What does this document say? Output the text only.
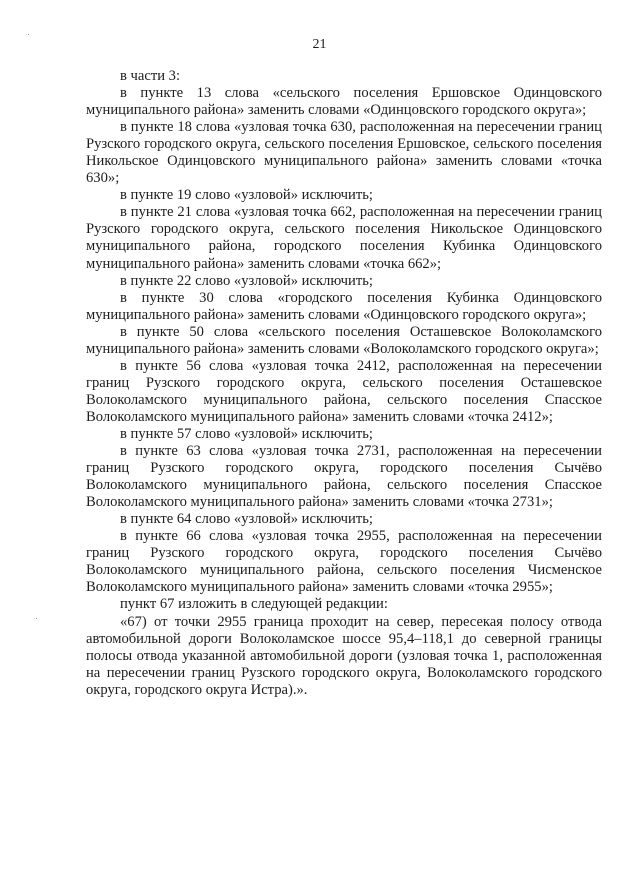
21

в части 3:

в пункте 13 слова «сельского поселения Ершовское Одинцовского муниципального района» заменить словами «Одинцовского городского округа»;

в пункте 18 слова «узловая точка 630, расположенная на пересечении границ Рузского городского округа, сельского поселения Ершовское, сельского поселения Никольское Одинцовского муниципального района» заменить словами «точка 630»;

в пункте 19 слово «узловой» исключить;

в пункте 21 слова «узловая точка 662, расположенная на пересечении границ Рузского городского округа, сельского поселения Никольское Одинцовского муниципального района, городского поселения Кубинка Одинцовского муниципального района» заменить словами «точка 662»;

в пункте 22 слово «узловой» исключить;

в пункте 30 слова «городского поселения Кубинка Одинцовского муниципального района» заменить словами «Одинцовского городского округа»;

в пункте 50 слова «сельского поселения Осташевское Волоколамского муниципального района» заменить словами «Волоколамского городского округа»;

в пункте 56 слова «узловая точка 2412, расположенная на пересечении границ Рузского городского округа, сельского поселения Осташевское Волоколамского муниципального района, сельского поселения Спасское Волоколамского муниципального района» заменить словами «точка 2412»;

в пункте 57 слово «узловой» исключить;

в пункте 63 слова «узловая точка 2731, расположенная на пересечении границ Рузского городского округа, городского поселения Сычёво Волоколамского муниципального района, сельского поселения Спасское Волоколамского муниципального района» заменить словами «точка 2731»;

в пункте 64 слово «узловой» исключить;

в пункте 66 слова «узловая точка 2955, расположенная на пересечении границ Рузского городского округа, городского поселения Сычёво Волоколамского муниципального района, сельского поселения Чисменское Волоколамского муниципального района» заменить словами «точка 2955»;

пункт 67 изложить в следующей редакции:

«67) от точки 2955 граница проходит на север, пересекая полосу отвода автомобильной дороги Волоколамское шоссе 95,4–118,1 до северной границы полосы отвода указанной автомобильной дороги (узловая точка 1, расположенная на пересечении границ Рузского городского округа, Волоколамского городского округа, городского округа Истра).».
